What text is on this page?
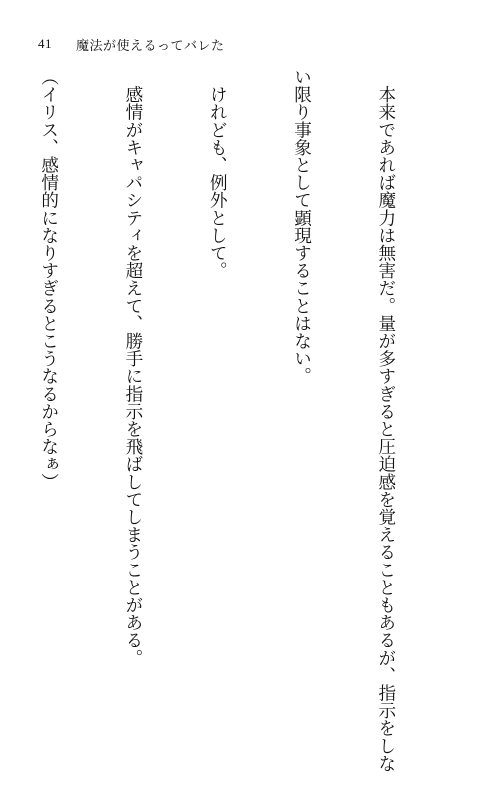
41	魔法が使えるってバレた

　本来であれば魔力は無害だ。量が多すぎると圧迫感を覚えることもあるが、指示をしな

い限り事象として顕現することはない。

　けれども、例外として。

　感情がキャパシティを超えて、勝手に指示を飛ばしてしまうことがある。

（イリス、感情的になりすぎるとこうなるからなぁ）
